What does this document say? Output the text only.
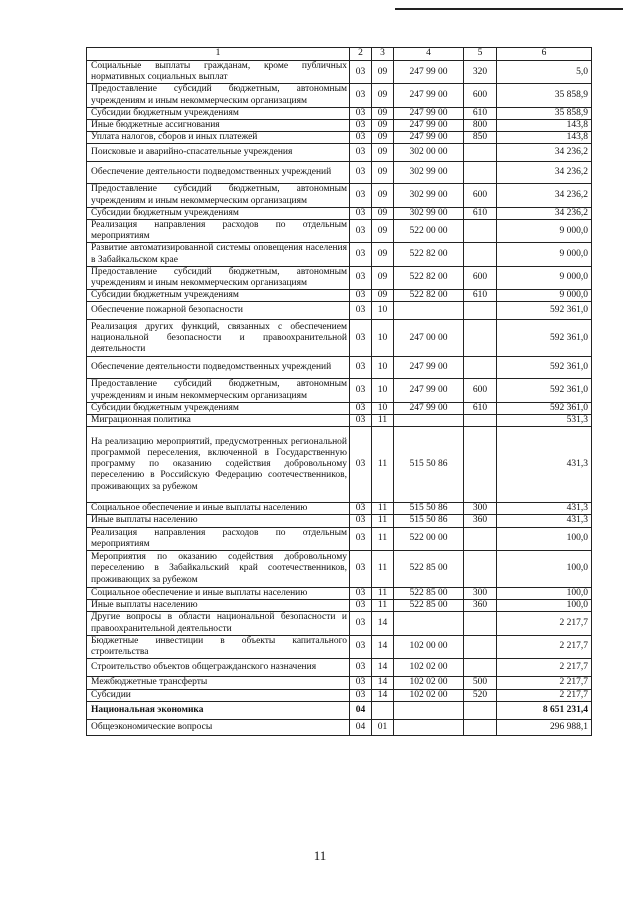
1	2	3	4	5	6
Социальные выплаты гражданам, кроме публичных нормативных социальных выплат	03	09	247 99 00	320	5,0
Предоставление субсидий бюджетным, автономным учреждениям и иным некоммерческим организациям	03	09	247 99 00	600	35 858,9
Субсидии бюджетным учреждениям	03	09	247 99 00	610	35 858,9
Иные бюджетные ассигнования	03	09	247 99 00	800	143,8
Уплата налогов, сборов и иных платежей	03	09	247 99 00	850	143,8
Поисковые и аварийно-спасательные учреждения	03	09	302 00 00		34 236,2
Обеспечение деятельности подведомственных учреждений	03	09	302 99 00		34 236,2
Предоставление субсидий бюджетным, автономным учреждениям и иным некоммерческим организациям	03	09	302 99 00	600	34 236,2
Субсидии бюджетным учреждениям	03	09	302 99 00	610	34 236,2
Реализация направления расходов по отдельным мероприятиям	03	09	522 00 00		9 000,0
Развитие автоматизированной системы оповещения населения в Забайкальском крае	03	09	522 82 00		9 000,0
Предоставление субсидий бюджетным, автономным учреждениям и иным некоммерческим организациям	03	09	522 82 00	600	9 000,0
Субсидии бюджетным учреждениям	03	09	522 82 00	610	9 000,0
Обеспечение пожарной безопасности	03	10			592 361,0
Реализация других функций, связанных с обеспечением национальной безопасности и правоохранительной деятельности	03	10	247 00 00		592 361,0
Обеспечение деятельности подведомственных учреждений	03	10	247 99 00		592 361,0
Предоставление субсидий бюджетным, автономным учреждениям и иным некоммерческим организациям	03	10	247 99 00	600	592 361,0
Субсидии бюджетным учреждениям	03	10	247 99 00	610	592 361,0
Миграционная политика	03	11			531,3
На реализацию мероприятий, предусмотренных региональной программой переселения, включенной в Государственную программу по оказанию содействия добровольному переселению в Российскую Федерацию соотечественников, проживающих за рубежом	03	11	515 50 86		431,3
Социальное обеспечение и иные выплаты населению	03	11	515 50 86	300	431,3
Иные выплаты населению	03	11	515 50 86	360	431,3
Реализация направления расходов по отдельным мероприятиям	03	11	522 00 00		100,0
Мероприятия по оказанию содействия добровольному переселению в Забайкальский край соотечественников, проживающих за рубежом	03	11	522 85 00		100,0
Социальное обеспечение и иные выплаты населению	03	11	522 85 00	300	100,0
Иные выплаты населению	03	11	522 85 00	360	100,0
Другие вопросы в области национальной безопасности и правоохранительной деятельности	03	14			2 217,7
Бюджетные инвестиции в объекты капитального строительства	03	14	102 00 00		2 217,7
Строительство объектов общегражданского назначения	03	14	102 02 00		2 217,7
Межбюджетные трансферты	03	14	102 02 00	500	2 217,7
Субсидии	03	14	102 02 00	520	2 217,7
Национальная экономика	04				8 651 231,4
Общеэкономические вопросы	04	01			296 988,1
11
